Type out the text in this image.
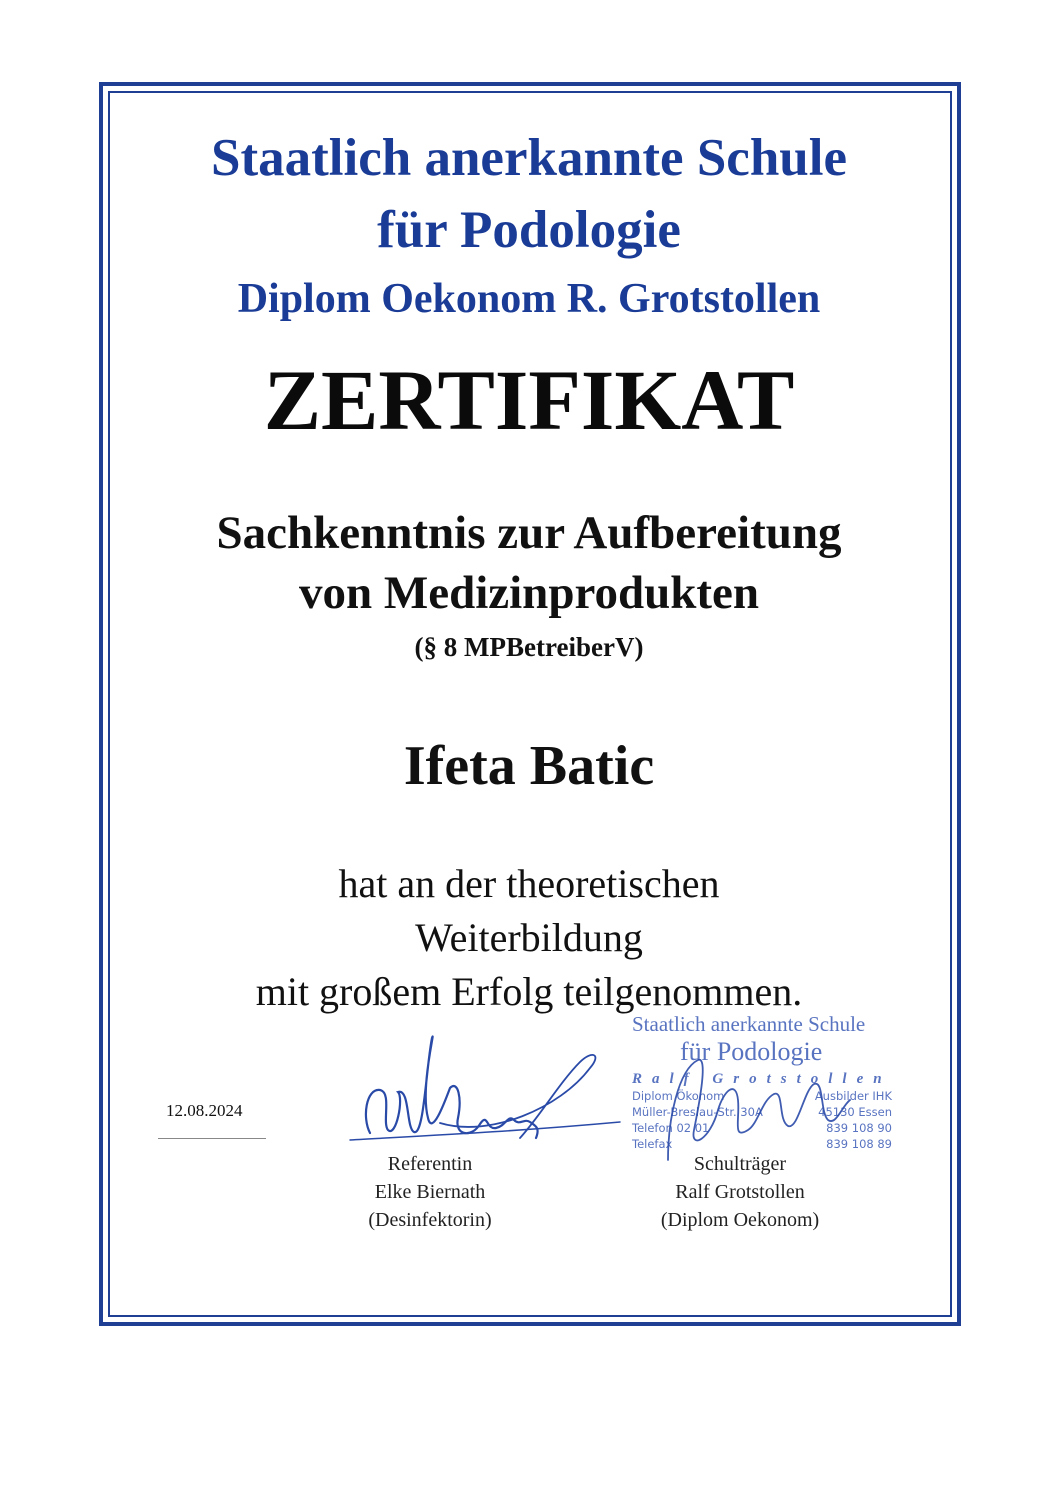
Staatlich anerkannte Schule
für Podologie
Diplom Oekonom R. Grotstollen
ZERTIFIKAT
Sachkenntnis zur Aufbereitung
von Medizinprodukten
(§ 8 MPBetreiberV)
Ifeta Batic
hat an der theoretischen
Weiterbildung
mit großem Erfolg teilgenommen.
12.08.2024
Staatlich anerkannte Schule
für Podologie
Ralf Grotstollen
Diplom Ökonom	Ausbilder IHK
Müller-Breslau-Str. 30A	45130 Essen
Telefon 02 01	839 108 90
Telefax	839 108 89
Referentin
Elke Biernath
(Desinfektorin)
Schulträger
Ralf Grotstollen
(Diplom Oekonom)
